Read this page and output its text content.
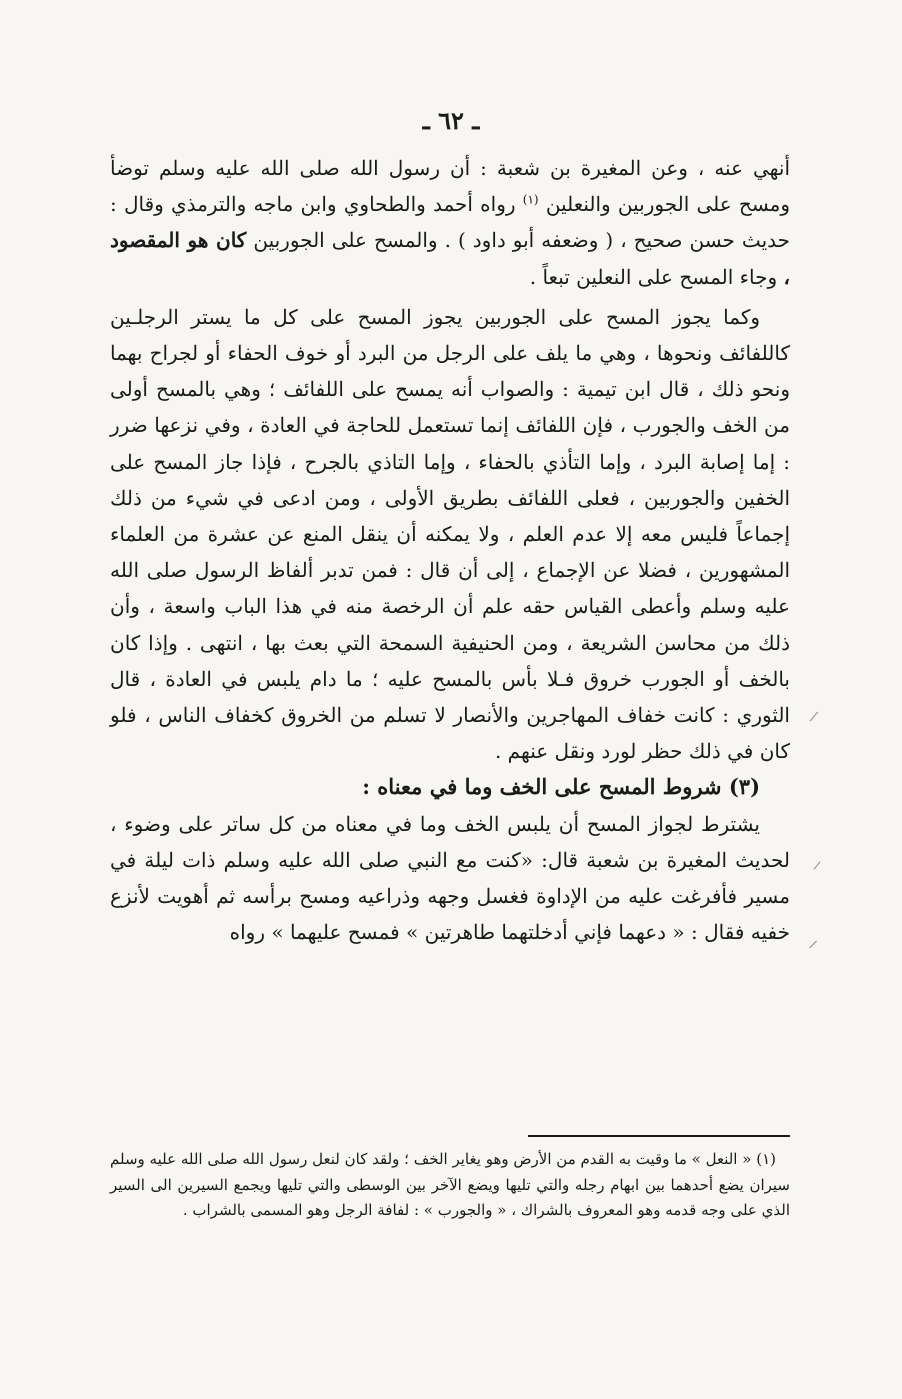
ـ ٦٢ ـ

أنهي عنه ، وعن المغيرة بن شعبة : أن رسول الله صلى الله عليه وسلم توضأ ومسح على الجوربين والنعلين $^{(١)}$ رواه أحمد والطحاوي وابن ماجه والترمذي وقال : حديث حسن صحيح ، ( وضعفه أبو داود ) . والمسح على الجوربين كان هو المقصود ، وجاء المسح على النعلين تبعاً .

وكما يجوز المسح على الجوربين يجوز المسح على كل ما يستر الرجلـين كاللفائف ونحوها ، وهي ما يلف على الرجل من البرد أو خوف الحفاء أو لجراح بهما ونحو ذلك ، قال ابن تيمية : والصواب أنه يمسح على اللفائف ؛ وهي بالمسح أولى من الخف والجورب ، فإن اللفائف إنما تستعمل للحاجة في العادة ، وفي نزعها ضرر : إما إصابة البرد ، وإما التأذي بالحفاء ، وإما التاذي بالجرح ، فإذا جاز المسح على الخفين والجوربين ، فعلى اللفائف بطريق الأولى ، ومن ادعى في شيء من ذلك إجماعاً فليس معه إلا عدم العلم ، ولا يمكنه أن ينقل المنع عن عشرة من العلماء المشهورين ، فضلا عن الإجماع ، إلى أن قال : فمن تدبر ألفاظ الرسول صلى الله عليه وسلم وأعطى القياس حقه علم أن الرخصة منه في هذا الباب واسعة ، وأن ذلك من محاسن الشريعة ، ومن الحنيفية السمحة التي بعث بها ، انتهى . وإذا كان بالخف أو الجورب خروق فـلا بأس بالمسح عليه ؛ ما دام يلبس في العادة ، قال الثوري : كانت خفاف المهاجرين والأنصار لا تسلم من الخروق كخفاف الناس ، فلو كان في ذلك حظر لورد ونقل عنهم .

(٣) شروط المسح على الخف وما في معناه :

يشترط لجواز المسح أن يلبس الخف وما في معناه من كل ساتر على وضوء ، لحديث المغيرة بن شعبة قال: «كنت مع النبي صلى الله عليه وسلم ذات ليلة في مسير فأفرغت عليه من الإداوة فغسل وجهه وذراعيه ومسح برأسه ثم أهويت لأنزع خفيه فقال : « دعهما فإني أدخلتهما طاهرتين » فمسح عليهما » رواه

(١) « النعل » ما وقيت به القدم من الأرض وهو يغاير الخف ؛ ولقد كان لنعل رسول الله صلى الله عليه وسلم سيران يضع أحدهما بين ابهام رجله والتي تليها ويضع الآخر بين الوسطى والتي تليها ويجمع السيرين الى السير الذي على وجه قدمه وهو المعروف بالشراك ، « والجورب » : لفافة الرجل وهو المسمى بالشراب .
